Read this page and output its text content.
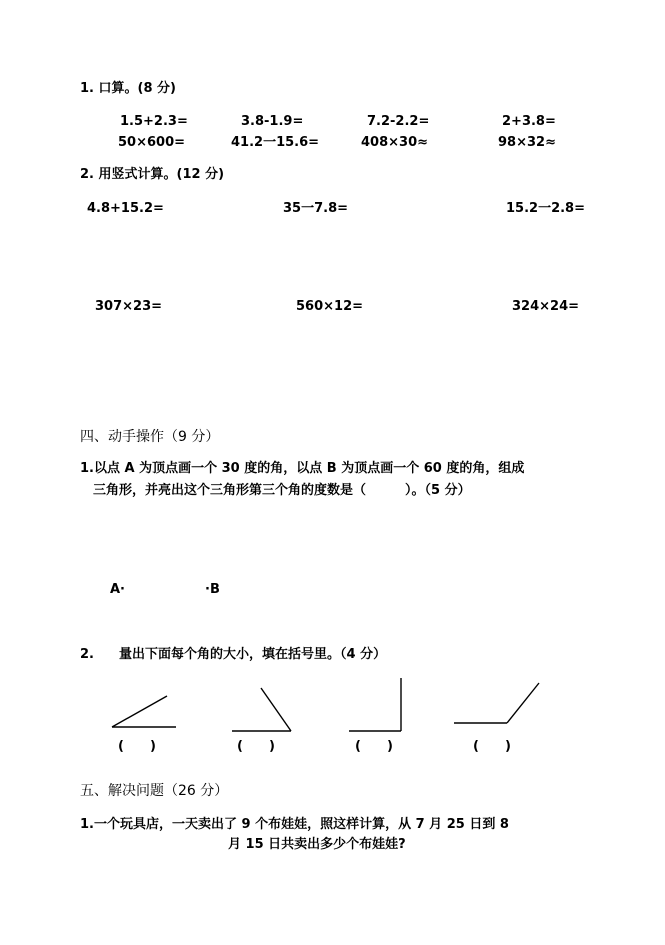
1. 口算。(8 分)
1.5+2.3=	3.8-1.9=	7.2-2.2=	2+3.8=
50×600=	41.2一15.6=	408×30≈	98×32≈
2. 用竖式计算。(12 分)
4.8+15.2=	35一7.8=	15.2一2.8=
307×23=	560×12=	324×24=
四、动手操作（9 分）
1.以点 A 为顶点画一个 30 度的角，以点 B 为顶点画一个 60 度的角，组成
三角形，并亮出这个三角形第三个角的度数是（　　　）。（5 分）
A·	·B
2. 量出下面每个角的大小，填在括号里。（4 分）
(　　)	(　　)	(　　)	(　　)
五、解决问题（26 分）
1.一个玩具店，一天卖出了 9 个布娃娃，照这样计算，从 7 月 25 日到 8
月 15 日共卖出多少个布娃娃?
